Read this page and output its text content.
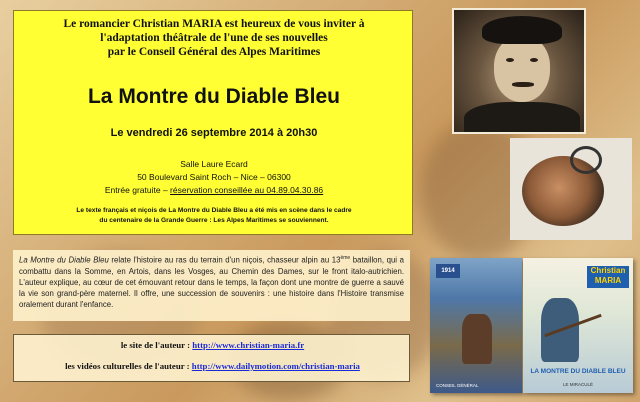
Le romancier Christian MARIA est heureux de vous inviter à
l'adaptation théâtrale de l'une de ses nouvelles
par le Conseil Général des Alpes Maritimes
La Montre du Diable Bleu
Le vendredi 26 septembre 2014 à 20h30
Salle Laure Ecard
50 Boulevard Saint Roch – Nice – 06300
Entrée gratuite – réservation conseillée au 04.89.04.30.86
Le texte français et niçois de La Montre du Diable Bleu a été mis en scène dans le cadre
du centenaire de la Grande Guerre : Les Alpes Maritimes se souviennent.
La Montre du Diable Bleu relate l'histoire au ras du terrain d'un niçois, chasseur alpin au 13ème bataillon, qui a combattu dans la Somme, en Artois, dans les Vosges, au Chemin des Dames, sur le front italo-autrichien. L'auteur explique, au cœur de cet émouvant retour dans le temps, la façon dont une montre de guerre a sauvé la vie son grand-père maternel. Il offre, une succession de souvenirs : une histoire dans l'Histoire transmise oralement durant l'enfance.
le site de l'auteur : http://www.christian-maria.fr
les vidéos culturelles de l'auteur : http://www.dailymotion.com/christian-maria
1914
CONSEIL GÉNÉRAL
Christian MARIA
LA MONTRE DU DIABLE BLEU
LE MIRACULÉ
